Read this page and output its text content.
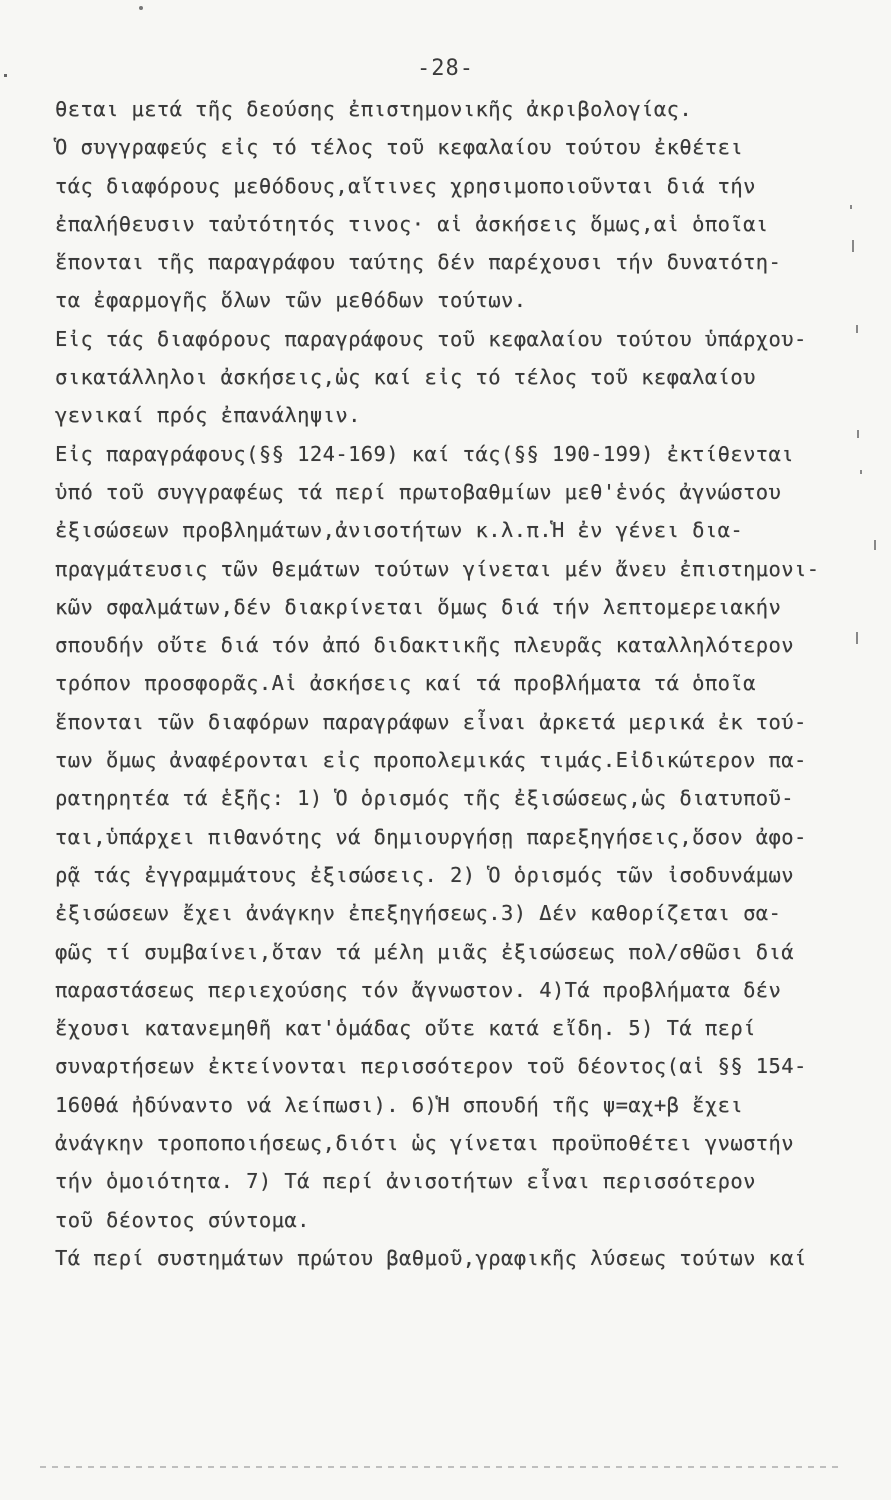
-28-
θεται μετά τῆς δεούσης ἐπιστημονικῆς ἀκριβολογίας.
Ὁ συγγραφεύς εἰς τό τέλος τοῦ κεφαλαίου τούτου ἐκθέτει
τάς διαφόρους μεθόδους,αἵτινες χρησιμοποιοῦνται διά τήν
ἐπαλήθευσιν ταὐτότητός τινος· αἱ ἀσκήσεις ὅμως,αἱ ὁποῖαι
ἕπονται τῆς παραγράφου ταύτης δέν παρέχουσι τήν δυνατότη-
τα ἐφαρμογῆς ὅλων τῶν μεθόδων τούτων.
Εἰς τάς διαφόρους παραγράφους τοῦ κεφαλαίου τούτου ὑπάρχου-
σικατάλληλοι ἀσκήσεις,ὡς καί εἰς τό τέλος τοῦ κεφαλαίου
γενικαί πρός ἐπανάληψιν.
Εἰς παραγράφους(§§ 124-169) καί τάς(§§ 190-199) ἐκτίθενται
ὑπό τοῦ συγγραφέως τά περί πρωτοβαθμίων μεθ'ἑνός ἀγνώστου
ἐξισώσεων προβλημάτων,ἀνισοτήτων κ.λ.π.Ἡ ἐν γένει δια-
πραγμάτευσις τῶν θεμάτων τούτων γίνεται μέν ἄνευ ἐπιστημονι-
κῶν σφαλμάτων,δέν διακρίνεται ὅμως διά τήν λεπτομερειακήν
σπουδήν οὔτε διά τόν ἀπό διδακτικῆς πλευρᾶς καταλληλότερον
τρόπον προσφορᾶς.Αἱ ἀσκήσεις καί τά προβλήματα τά ὁποῖα
ἕπονται τῶν διαφόρων παραγράφων εἶναι ἀρκετά μερικά ἐκ τού-
των ὅμως ἀναφέρονται εἰς προπολεμικάς τιμάς.Εἰδικώτερον πα-
ρατηρητέα τά ἑξῆς: 1) Ὁ ὁρισμός τῆς ἐξισώσεως,ὡς διατυποῦ-
ται,ὑπάρχει πιθανότης νά δημιουργήσῃ παρεξηγήσεις,ὅσον ἀφο-
ρᾷ τάς ἐγγραμμάτους ἐξισώσεις. 2) Ὁ ὁρισμός τῶν ἰσοδυνάμων
ἐξισώσεων ἔχει ἀνάγκην ἐπεξηγήσεως.3) Δέν καθορίζεται σα-
φῶς τί συμβαίνει,ὅταν τά μέλη μιᾶς ἐξισώσεως πολ/σθῶσι διά
παραστάσεως περιεχούσης τόν ἄγνωστον. 4)Τά προβλήματα δέν
ἔχουσι κατανεμηθῆ κατ'ὁμάδας οὔτε κατά εἴδη. 5) Τά περί
συναρτήσεων ἐκτείνονται περισσότερον τοῦ δέοντος(αἱ §§ 154-
160θά ἠδύναντο νά λείπωσι). 6)Ἡ σπουδή τῆς ψ=αχ+β ἔχει
ἀνάγκην τροποποιήσεως,διότι ὡς γίνεται προϋποθέτει γνωστήν
τήν ὁμοιότητα. 7) Τά περί ἀνισοτήτων εἶναι περισσότερον
τοῦ δέοντος σύντομα.
Τά περί συστημάτων πρώτου βαθμοῦ,γραφικῆς λύσεως τούτων καί
